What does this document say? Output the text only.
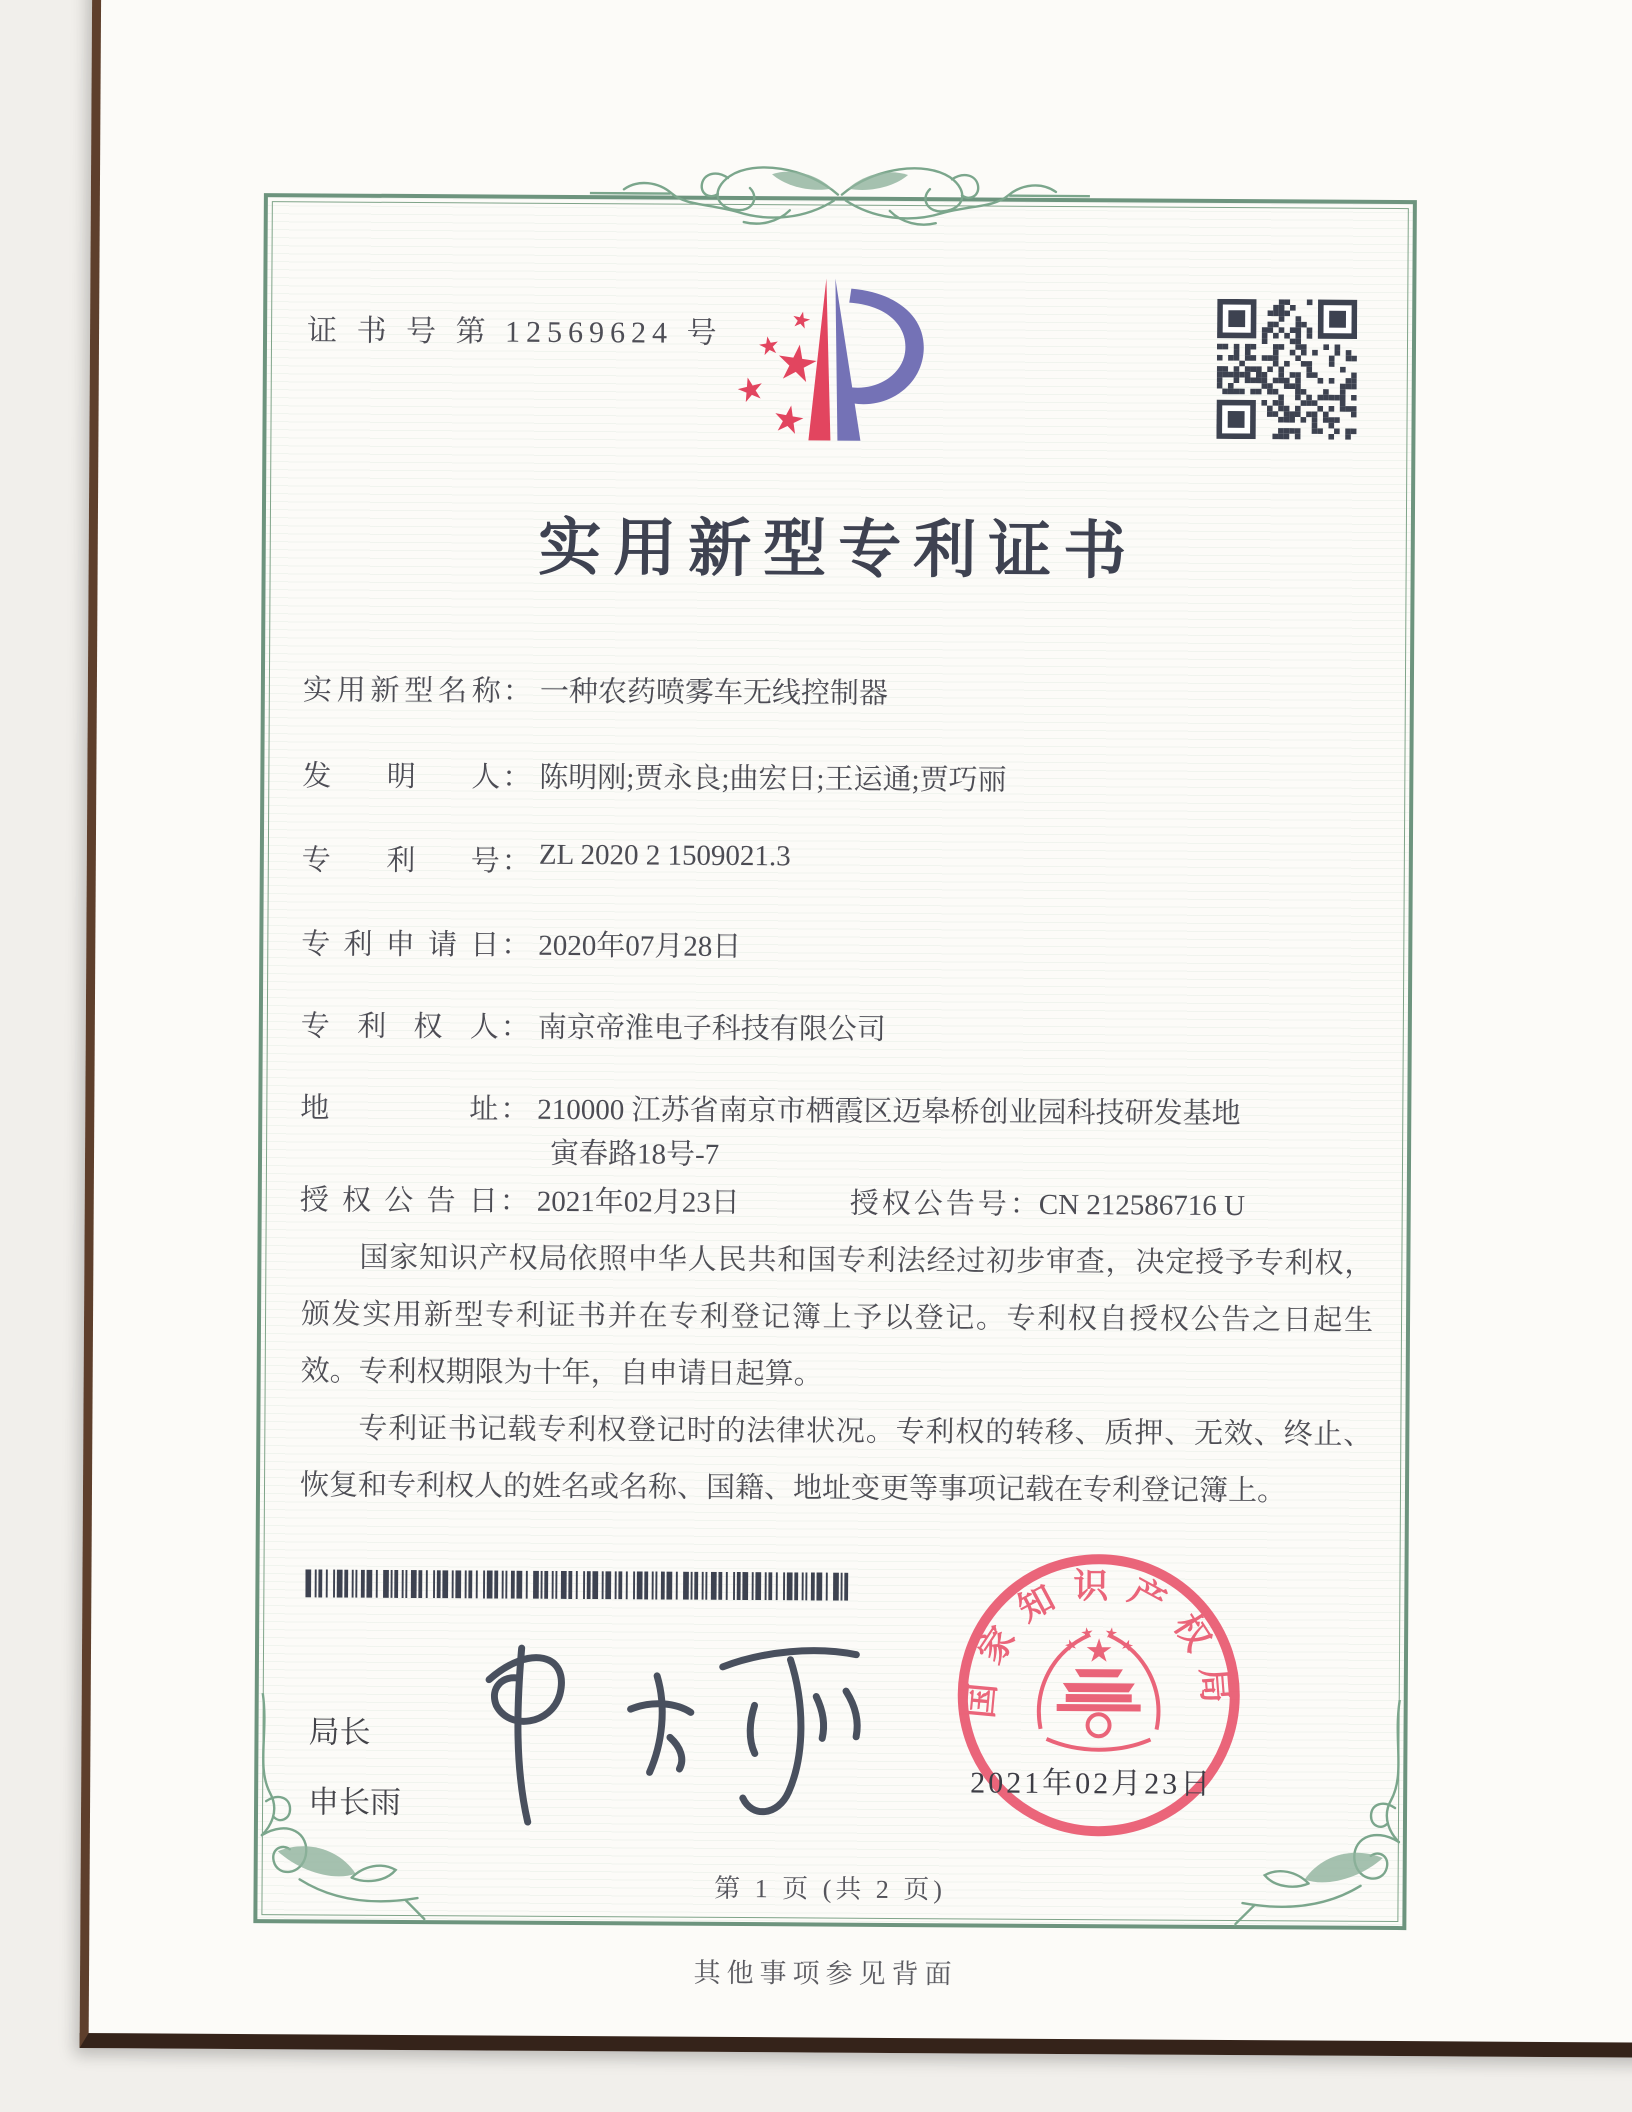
证 书 号 第 12569624 号
实用新型专利证书
实用新型名称： 一种农药喷雾车无线控制器
发明人： 陈明刚;贾永良;曲宏日;王运通;贾巧丽
专利号： ZL 2020 2 1509021.3
专利申请日： 2020年07月28日
专利权人： 南京帝淮电子科技有限公司
地址： 210000 江苏省南京市栖霞区迈皋桥创业园科技研发基地
寅春路18号-7
授权公告日： 2021年02月23日	授权公告号：CN 212586716 U

国家知识产权局依照中华人民共和国专利法经过初步审查，决定授予专利权，颁发实用新型专利证书并在专利登记簿上予以登记。专利权自授权公告之日起生效。专利权期限为十年，自申请日起算。

专利证书记载专利权登记时的法律状况。专利权的转移、质押、无效、终止、恢复和专利权人的姓名或名称、国籍、地址变更等事项记载在专利登记簿上。

局长
申长雨
国家知识产权局
2021年02月23日
第 1 页 (共 2 页)
其他事项参见背面
